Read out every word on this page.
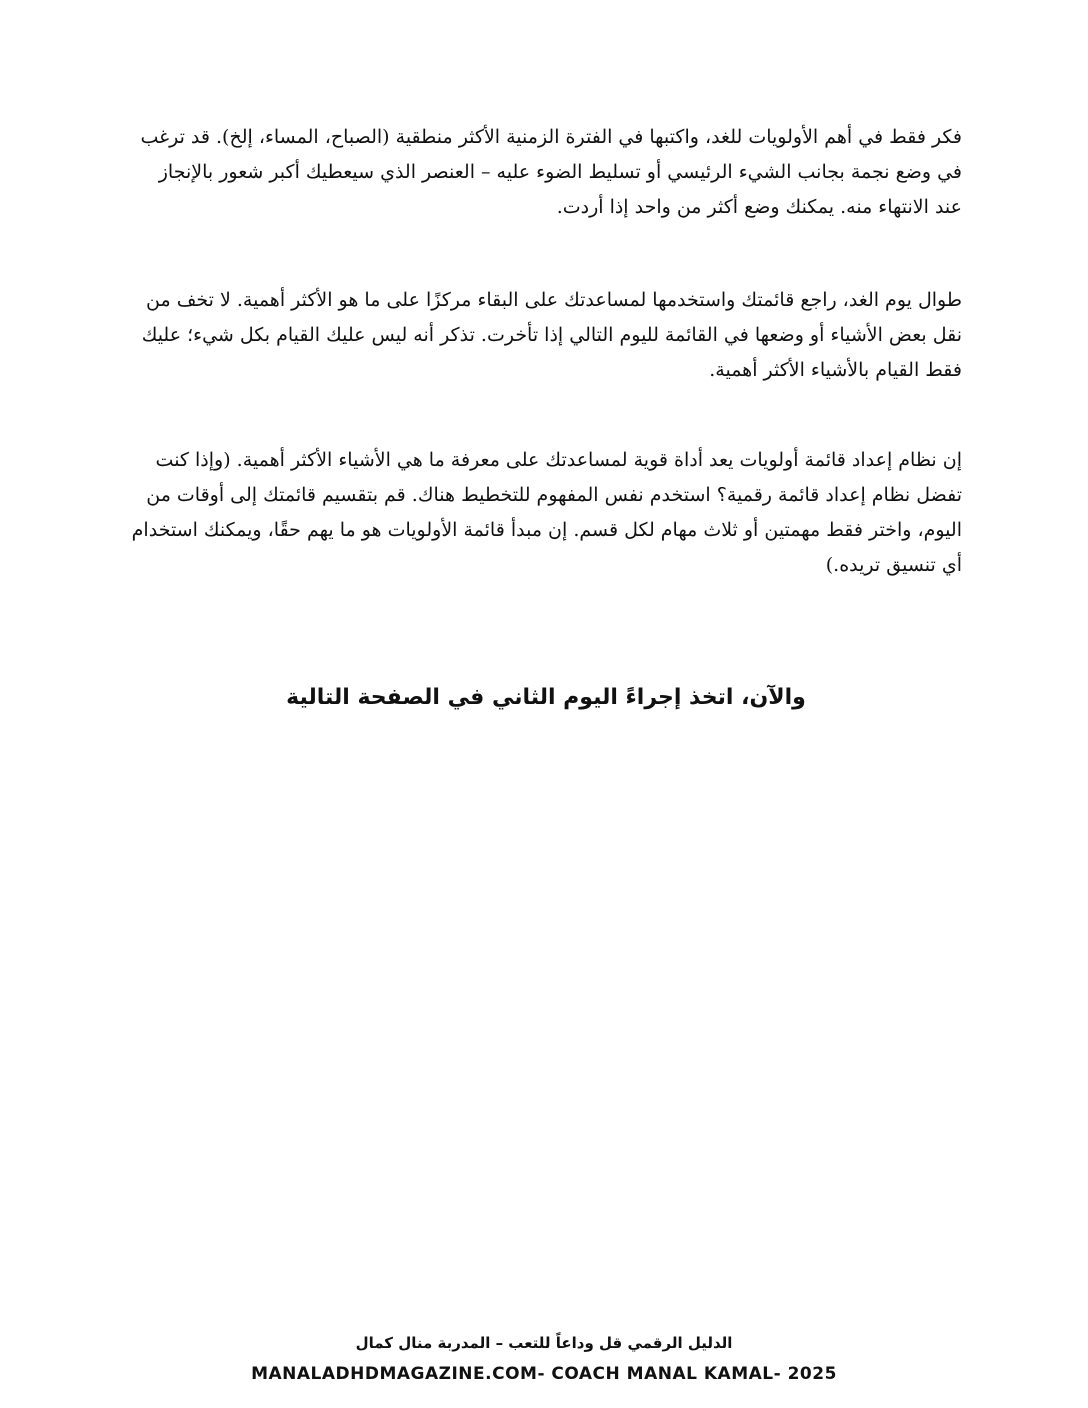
فكر فقط في أهم الأولويات للغد، واكتبها في الفترة الزمنية الأكثر منطقية (الصباح، المساء، إلخ). قد ترغب في وضع نجمة بجانب الشيء الرئيسي أو تسليط الضوء عليه – العنصر الذي سيعطيك أكبر شعور بالإنجاز عند الانتهاء منه. يمكنك وضع أكثر من واحد إذا أردت.

طوال يوم الغد، راجع قائمتك واستخدمها لمساعدتك على البقاء مركزًا على ما هو الأكثر أهمية. لا تخف من نقل بعض الأشياء أو وضعها في القائمة لليوم التالي إذا تأخرت. تذكر أنه ليس عليك القيام بكل شيء؛ عليك فقط القيام بالأشياء الأكثر أهمية.

إن نظام إعداد قائمة أولويات يعد أداة قوية لمساعدتك على معرفة ما هي الأشياء الأكثر أهمية. (وإذا كنت تفضل نظام إعداد قائمة رقمية؟ استخدم نفس المفهوم للتخطيط هناك. قم بتقسيم قائمتك إلى أوقات من اليوم، واختر فقط مهمتين أو ثلاث مهام لكل قسم. إن مبدأ قائمة الأولويات هو ما يهم حقًا، ويمكنك استخدام أي تنسيق تريده.)

والآن، اتخذ إجراءً اليوم الثاني في الصفحة التالية
الدليل الرقمي قل وداعاً للتعب – المدربة منال كمال
MANALADHDMAGAZINE.COM- COACH MANAL KAMAL- 2025
